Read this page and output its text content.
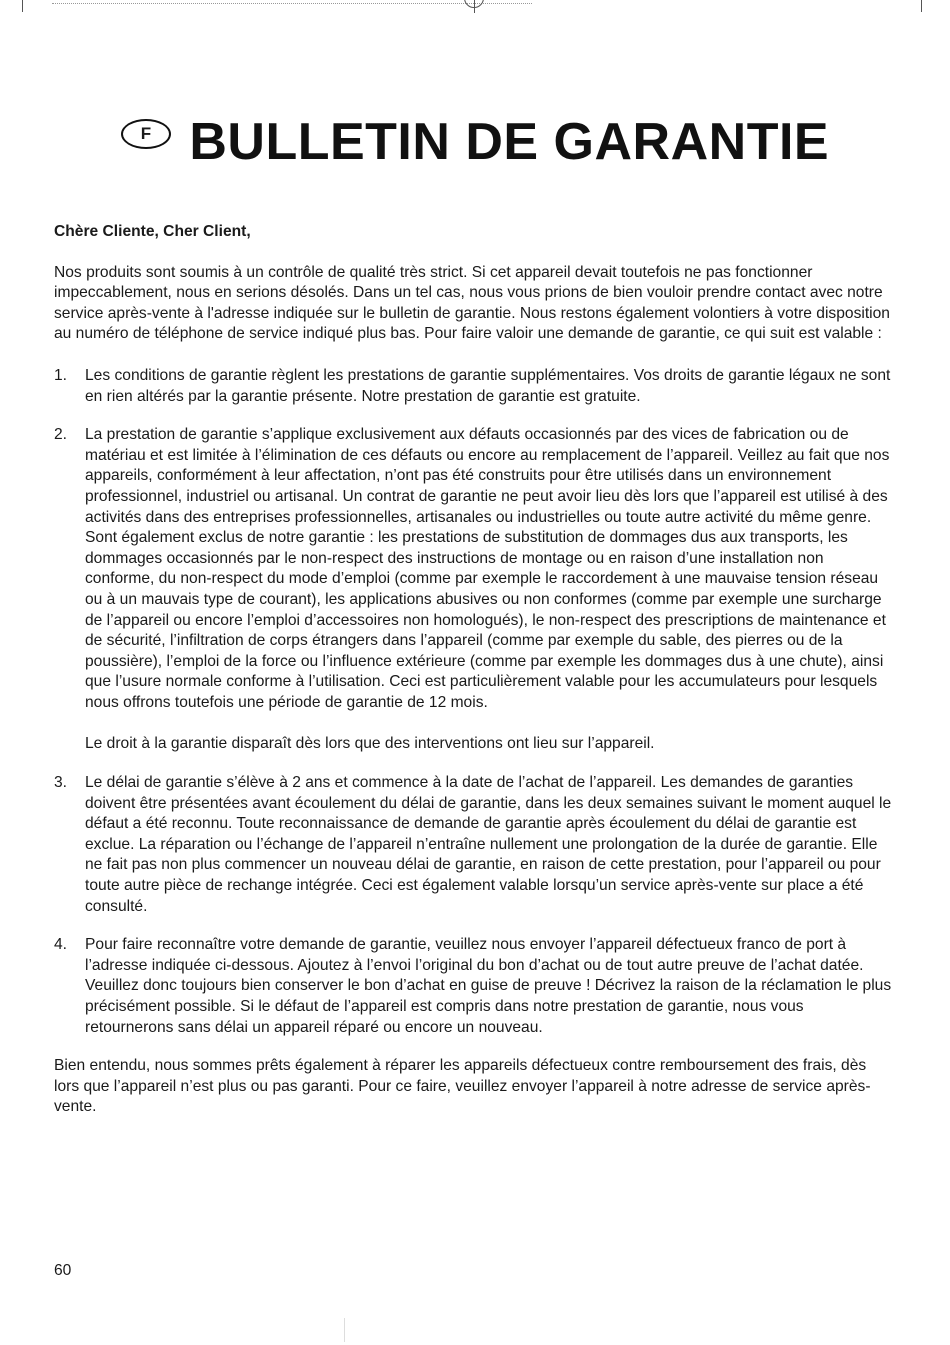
F BULLETIN DE GARANTIE

Chère Cliente, Cher Client,

Nos produits sont soumis à un contrôle de qualité très strict. Si cet appareil devait toutefois ne pas fonctionner impeccablement, nous en serions désolés. Dans un tel cas, nous vous prions de bien vouloir prendre contact avec notre service après-vente à l'adresse indiquée sur le bulletin de garantie. Nous restons également volontiers à votre disposition au numéro de téléphone de service indiqué plus bas. Pour faire valoir une demande de garantie, ce qui suit est valable :

1. Les conditions de garantie règlent les prestations de garantie supplémentaires. Vos droits de garantie légaux ne sont en rien altérés par la garantie présente. Notre prestation de garantie est gratuite.

2. La prestation de garantie s’applique exclusivement aux défauts occasionnés par des vices de fabrication ou de matériau et est limitée à l’élimination de ces défauts ou encore au remplacement de l’appareil. Veillez au fait que nos appareils, conformément à leur affectation, n’ont pas été construits pour être utilisés dans un environnement professionnel, industriel ou artisanal. Un contrat de garantie ne peut avoir lieu dès lors que l’appareil est utilisé à des activités dans des entreprises professionnelles, artisanales ou industrielles ou toute autre activité du même genre. Sont également exclus de notre garantie : les prestations de substitution de dommages dus aux transports, les dommages occasionnés par le non-respect des instructions de montage ou en raison d’une installation non conforme, du non-respect du mode d’emploi (comme par exemple le raccordement à une mauvaise tension réseau ou à un mauvais type de courant), les applications abusives ou non conformes (comme par exemple une surcharge de l’appareil ou encore l’emploi d’accessoires non homologués), le non-respect des prescriptions de maintenance et de sécurité, l’infiltration de corps étrangers dans l’appareil (comme par exemple du sable, des pierres ou de la poussière), l’emploi de la force ou l’influence extérieure (comme par exemple les dommages dus à une chute), ainsi que l’usure normale conforme à l’utilisation. Ceci est particulièrement valable pour les accumulateurs pour lesquels nous offrons toutefois une période de garantie de 12 mois.

Le droit à la garantie disparaît dès lors que des interventions ont lieu sur l’appareil.

3. Le délai de garantie s’élève à 2 ans et commence à la date de l’achat de l’appareil. Les demandes de garanties doivent être présentées avant écoulement du délai de garantie, dans les deux semaines suivant le moment auquel le défaut a été reconnu. Toute reconnaissance de demande de garantie après écoulement du délai de garantie est exclue. La réparation ou l’échange de l’appareil n’entraîne nullement une prolongation de la durée de garantie. Elle ne fait pas non plus commencer un nouveau délai de garantie, en raison de cette prestation, pour l’appareil ou pour toute autre pièce de rechange intégrée. Ceci est également valable lorsqu’un service après-vente sur place a été consulté.

4. Pour faire reconnaître votre demande de garantie, veuillez nous envoyer l’appareil défectueux franco de port à l’adresse indiquée ci-dessous. Ajoutez à l’envoi l’original du bon d’achat ou de tout autre preuve de l’achat datée. Veuillez donc toujours bien conserver le bon d’achat en guise de preuve ! Décrivez la raison de la réclamation le plus précisément possible. Si le défaut de l’appareil est compris dans notre prestation de garantie, nous vous retournerons sans délai un appareil réparé ou encore un nouveau.

Bien entendu, nous sommes prêts également à réparer les appareils défectueux contre remboursement des frais, dès lors que l’appareil n’est plus ou pas garanti. Pour ce faire, veuillez envoyer l’appareil à notre adresse de service après-vente.

60
